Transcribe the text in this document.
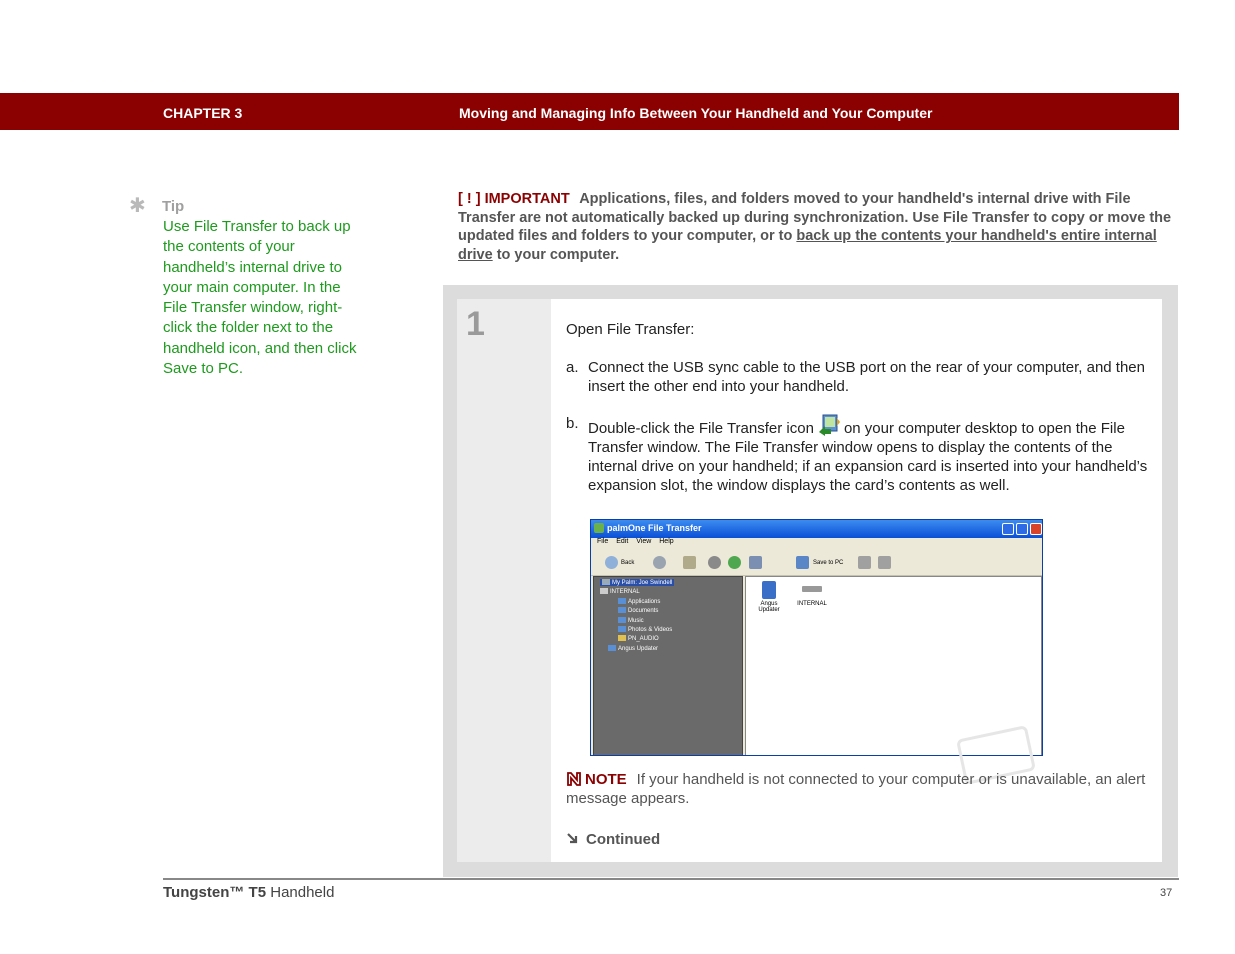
CHAPTER 3	Moving and Managing Info Between Your Handheld and Your Computer
✱ Tip
Use File Transfer to back up the contents of your handheld’s internal drive to your main computer. In the File Transfer window, right-click the folder next to the handheld icon, and then click Save to PC.
[ ! ] IMPORTANT Applications, files, and folders moved to your handheld's internal drive with File Transfer are not automatically backed up during synchronization. Use File Transfer to copy or move the updated files and folders to your computer, or to back up the contents your handheld's entire internal drive to your computer.
1	Open File Transfer:
a. Connect the USB sync cable to the USB port on the rear of your computer, and then insert the other end into your handheld.
b. Double-click the File Transfer icon on your computer desktop to open the File Transfer window. The File Transfer window opens to display the contents of the internal drive on your handheld; if an expansion card is inserted into your handheld’s expansion slot, the window displays the card’s contents as well.
palmOne File Transfer
File Edit View Help
Back	Save to PC
My Palm: Joe Swindell
INTERNAL
Applications
Documents
Music
Photos & Videos
PN_AUDIO
Angus Updater
Angus Updater
INTERNAL
NOTE If your handheld is not connected to your computer or is unavailable, an alert message appears.
Continued
Tungsten™ T5 Handheld	37
